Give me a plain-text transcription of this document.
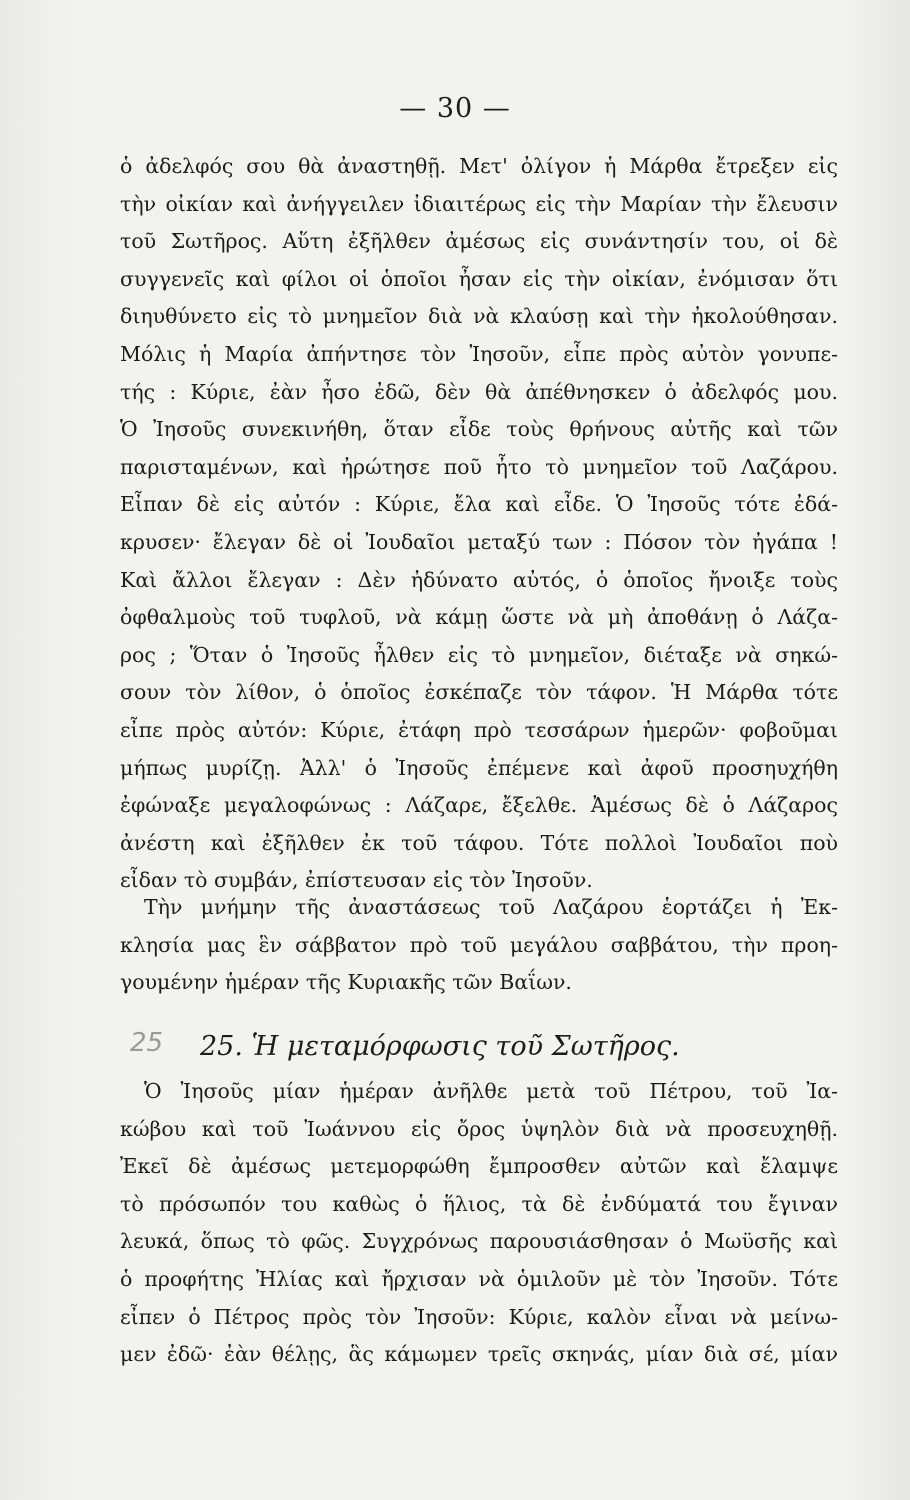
— 30 —
ὁ ἀδελφός σου θὰ ἀναστηθῇ. Μετ' ὀλίγον ἡ Μάρθα ἔτρεξεν εἰς
τὴν οἰκίαν καὶ ἀνήγγειλεν ἰδιαιτέρως εἰς τὴν Μαρίαν τὴν ἔλευσιν
τοῦ Σωτῆρος. Αὕτη ἐξῆλθεν ἀμέσως εἰς συνάντησίν του, οἱ δὲ
συγγενεῖς καὶ φίλοι οἱ ὁποῖοι ἦσαν εἰς τὴν οἰκίαν, ἐνόμισαν ὅτι
διηυθύνετο εἰς τὸ μνημεῖον διὰ νὰ κλαύσῃ καὶ τὴν ἠκολούθησαν.
Μόλις ἡ Μαρία ἀπήντησε τὸν Ἰησοῦν, εἶπε πρὸς αὐτὸν γονυπε-
τής : Κύριε, ἐὰν ἦσο ἐδῶ, δὲν θὰ ἀπέθνησκεν ὁ ἀδελφός μου.
Ὁ Ἰησοῦς συνεκινήθη, ὅταν εἶδε τοὺς θρήνους αὐτῆς καὶ τῶν
παρισταμένων, καὶ ἠρώτησε ποῦ ἦτο τὸ μνημεῖον τοῦ Λαζάρου.
Εἶπαν δὲ εἰς αὐτόν : Κύριε, ἔλα καὶ εἶδε. Ὁ Ἰησοῦς τότε ἐδά-
κρυσεν· ἔλεγαν δὲ οἱ Ἰουδαῖοι μεταξύ των : Πόσον τὸν ἠγάπα !
Καὶ ἄλλοι ἔλεγαν : Δὲν ἠδύνατο αὐτός, ὁ ὁποῖος ἤνοιξε τοὺς
ὀφθαλμοὺς τοῦ τυφλοῦ, νὰ κάμῃ ὥστε νὰ μὴ ἀποθάνῃ ὁ Λάζα-
ρος ; Ὅταν ὁ Ἰησοῦς ἦλθεν εἰς τὸ μνημεῖον, διέταξε νὰ σηκώ-
σουν τὸν λίθον, ὁ ὁποῖος ἐσκέπαζε τὸν τάφον. Ἡ Μάρθα τότε
εἶπε πρὸς αὐτόν: Κύριε, ἐτάφη πρὸ τεσσάρων ἡμερῶν· φοβοῦμαι
μήπως μυρίζῃ. Ἀλλ' ὁ Ἰησοῦς ἐπέμενε καὶ ἀφοῦ προσηυχήθη
ἐφώναξε μεγαλοφώνως : Λάζαρε, ἔξελθε. Ἀμέσως δὲ ὁ Λάζαρος
ἀνέστη καὶ ἐξῆλθεν ἐκ τοῦ τάφου. Τότε πολλοὶ Ἰουδαῖοι ποὺ
εἶδαν τὸ συμβάν, ἐπίστευσαν εἰς τὸν Ἰησοῦν.
Τὴν μνήμην τῆς ἀναστάσεως τοῦ Λαζάρου ἑορτάζει ἡ Ἐκ-
κλησία μας ἓν σάββατον πρὸ τοῦ μεγάλου σαββάτου, τὴν προη-
γουμένην ἡμέραν τῆς Κυριακῆς τῶν Βαΐων.
25 25. Ἡ μεταμόρφωσις τοῦ Σωτῆρος.
Ὁ Ἰησοῦς μίαν ἡμέραν ἀνῆλθε μετὰ τοῦ Πέτρου, τοῦ Ἰα-
κώβου καὶ τοῦ Ἰωάννου εἰς ὄρος ὑψηλὸν διὰ νὰ προσευχηθῇ.
Ἐκεῖ δὲ ἀμέσως μετεμορφώθη ἔμπροσθεν αὐτῶν καὶ ἔλαμψε
τὸ πρόσωπόν του καθὼς ὁ ἥλιος, τὰ δὲ ἐνδύματά του ἔγιναν
λευκά, ὅπως τὸ φῶς. Συγχρόνως παρουσιάσθησαν ὁ Μωϋσῆς καὶ
ὁ προφήτης Ἠλίας καὶ ἤρχισαν νὰ ὁμιλοῦν μὲ τὸν Ἰησοῦν. Τότε
εἶπεν ὁ Πέτρος πρὸς τὸν Ἰησοῦν: Κύριε, καλὸν εἶναι νὰ μείνω-
μεν ἐδῶ· ἐὰν θέλῃς, ἃς κάμωμεν τρεῖς σκηνάς, μίαν διὰ σέ, μίαν
